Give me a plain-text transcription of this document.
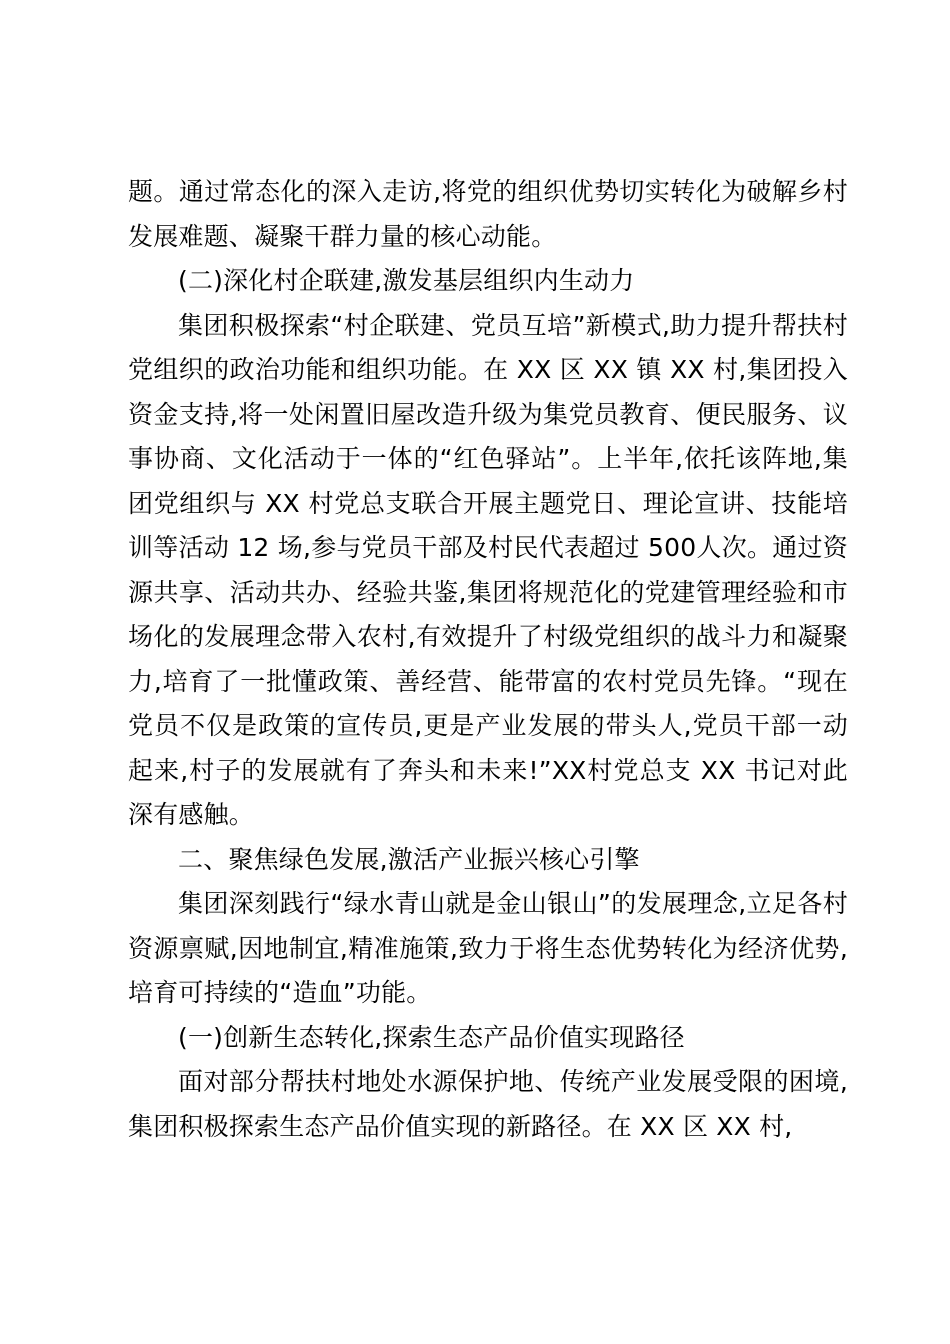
题。通过常态化的深入走访,将党的组织优势切实转化为破解乡村发展难题、凝聚干群力量的核心动能。

(二)深化村企联建,激发基层组织内生动力

集团积极探索“村企联建、党员互培”新模式,助力提升帮扶村党组织的政治功能和组织功能。在 XX 区 XX 镇 XX 村,集团投入资金支持,将一处闲置旧屋改造升级为集党员教育、便民服务、议事协商、文化活动于一体的“红色驿站”。上半年,依托该阵地,集团党组织与 XX 村党总支联合开展主题党日、理论宣讲、技能培训等活动 12 场,参与党员干部及村民代表超过 500人次。通过资源共享、活动共办、经验共鉴,集团将规范化的党建管理经验和市场化的发展理念带入农村,有效提升了村级党组织的战斗力和凝聚力,培育了一批懂政策、善经营、能带富的农村党员先锋。“现在党员不仅是政策的宣传员,更是产业发展的带头人,党员干部一动起来,村子的发展就有了奔头和未来!”XX村党总支 XX 书记对此深有感触。

二、聚焦绿色发展,激活产业振兴核心引擎

集团深刻践行“绿水青山就是金山银山”的发展理念,立足各村资源禀赋,因地制宜,精准施策,致力于将生态优势转化为经济优势,培育可持续的“造血”功能。

(一)创新生态转化,探索生态产品价值实现路径

面对部分帮扶村地处水源保护地、传统产业发展受限的困境,集团积极探索生态产品价值实现的新路径。在 XX 区 XX 村,
